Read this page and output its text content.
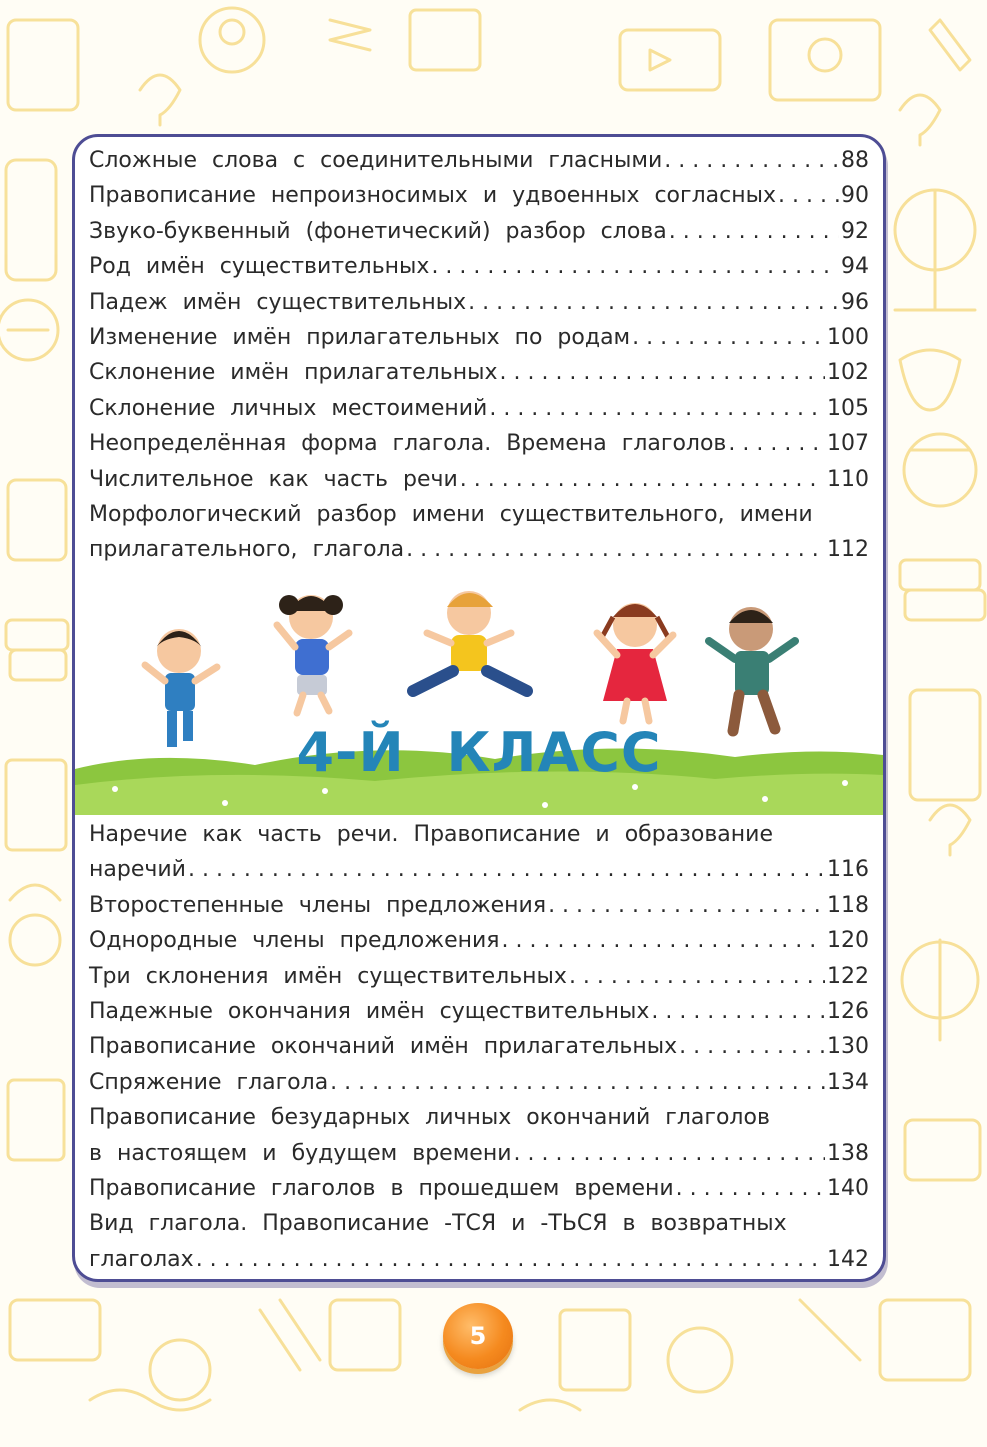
Сложные слова с соединительными гласными . . .	88
Правописание непроизносимых и удвоенных согласных . . .	90
Звуко-буквенный (фонетический) разбор слова . . .	92
Род имён существительных . . .	94
Падеж имён существительных . . .	96
Изменение имён прилагательных по родам . . .	100
Склонение имён прилагательных . . .	102
Склонение личных местоимений . . .	105
Неопределённая форма глагола. Времена глаголов . . .	107
Числительное как часть речи . . .	110
Морфологический разбор имени существительного, имени
прилагательного, глагола . . .	112
4-Й КЛАСС
Наречие как часть речи. Правописание и образование
наречий . . .	116
Второстепенные члены предложения . . .	118
Однородные члены предложения . . .	120
Три склонения имён существительных . . .	122
Падежные окончания имён существительных . . .	126
Правописание окончаний имён прилагательных . . .	130
Спряжение глагола . . .	134
Правописание безударных личных окончаний глаголов
в настоящем и будущем времени . . .	138
Правописание глаголов в прошедшем времени . . .	140
Вид глагола. Правописание -ТСЯ и -ТЬСЯ в возвратных
глаголах . . .	142
5
